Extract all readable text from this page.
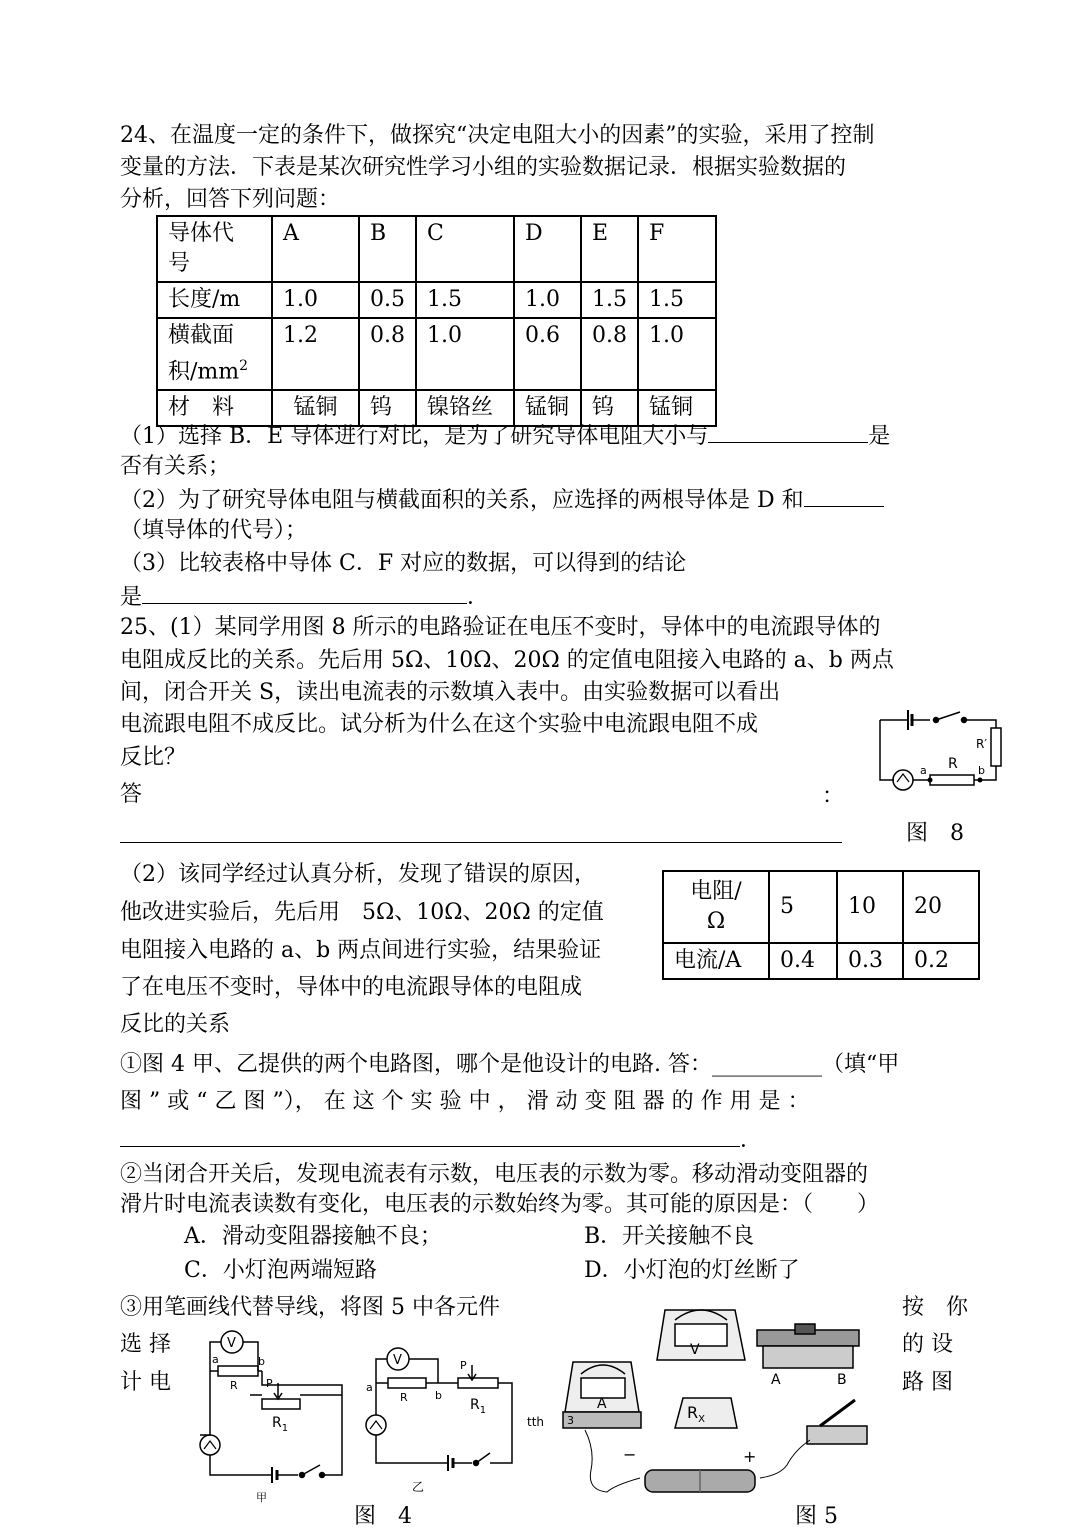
24、在温度一定的条件下，做探究“决定电阻大小的因素”的实验，采用了控制
变量的方法．下表是某次研究性学习小组的实验数据记录．根据实验数据的
分析，回答下列问题：
导体代
号	A	B	C	D	E	F
长度/m	1.0	0.5	1.5	1.0	1.5	1.5
横截面
积$/mm^2$	1.2	0.8	1.0	0.6	0.8	1.0
材　料	锰铜	钨	镍铬丝	锰铜	钨	锰铜
（1）选择 B．E 导体进行对比，是为了研究导体电阻大小与	是
否有关系；
（2）为了研究导体电阻与横截面积的关系，应选择的两根导体是 D 和
（填导体的代号）；
（3）比较表格中导体 C．F 对应的数据，可以得到的结论
是	．
25、(1）某同学用图 8 所示的电路验证在电压不变时，导体中的电流跟导体的
电阻成反比的关系。先后用 5Ω、10Ω、20Ω 的定值电阻接入电路的 a、b 两点
间，闭合开关 S，读出电流表的示数填入表中。由实验数据可以看出
电流跟电阻不成反比。试分析为什么在这个实验中电流跟电阻不成
反比？
答	：
R′
R
a	b
图　8
（2）该同学经过认真分析，发现了错误的原因，
他改进实验后，先后用　5Ω、10Ω、20Ω 的定值
电阻接入电路的 a、b 两点间进行实验，结果验证
了在电压不变时，导体中的电流跟导体的电阻成
反比的关系
电阻/
Ω	5	10	20
电流/A	0.4	0.3	0.2
①图 4 甲、乙提供的两个电路图，哪个是他设计的电路. 答：__________（填“甲
图 ” 或 “ 乙 图 ”）， 在 这 个 实 验 中 ， 滑 动 变 阻 器 的 作 用 是 ：
．
②当闭合开关后，发现电流表有示数，电压表的示数为零。移动滑动变阻器的
滑片时电流表读数有变化，电压表的示数始终为零。其可能的原因是：（　　）
A．滑动变阻器接触不良；	B．开关接触不良
C．小灯泡两端短路	D．小灯泡的灯丝断了
③用笔画线代替导线，将图 5 中各元件	按　你
选 择	的 设
计 电	路 图
V
a	b
R	P
$R_1$
甲
V
a
b
R
P
$R_1$
乙
图　4
V
A	$R_X$
A	B
−	+
tth 3
图 5
